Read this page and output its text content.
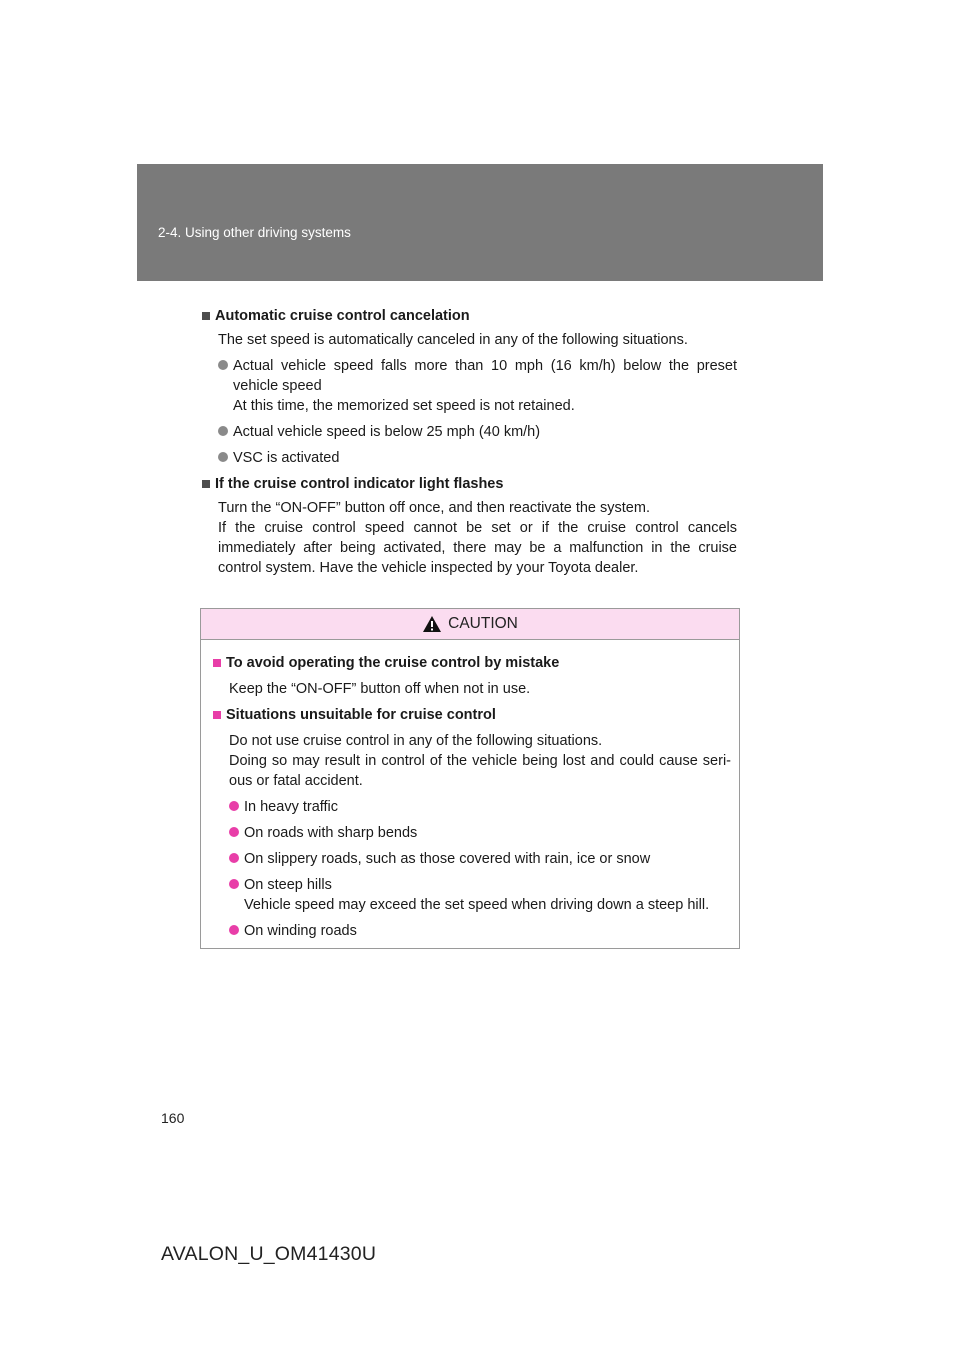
2-4. Using other driving systems
Automatic cruise control cancelation
The set speed is automatically canceled in any of the following situations.
Actual vehicle speed falls more than 10 mph (16 km/h) below the preset
vehicle speed
At this time, the memorized set speed is not retained.
Actual vehicle speed is below 25 mph (40 km/h)
VSC is activated
If the cruise control indicator light flashes
Turn the “ON-OFF” button off once, and then reactivate the system.
If the cruise control speed cannot be set or if the cruise control cancels
immediately after being activated, there may be a malfunction in the cruise
control system. Have the vehicle inspected by your Toyota dealer.
CAUTION
To avoid operating the cruise control by mistake
Keep the “ON-OFF” button off when not in use.
Situations unsuitable for cruise control
Do not use cruise control in any of the following situations.
Doing so may result in control of the vehicle being lost and could cause seri-
ous or fatal accident.
In heavy traffic
On roads with sharp bends
On slippery roads, such as those covered with rain, ice or snow
On steep hills
Vehicle speed may exceed the set speed when driving down a steep hill.
On winding roads
160
AVALON_U_OM41430U
